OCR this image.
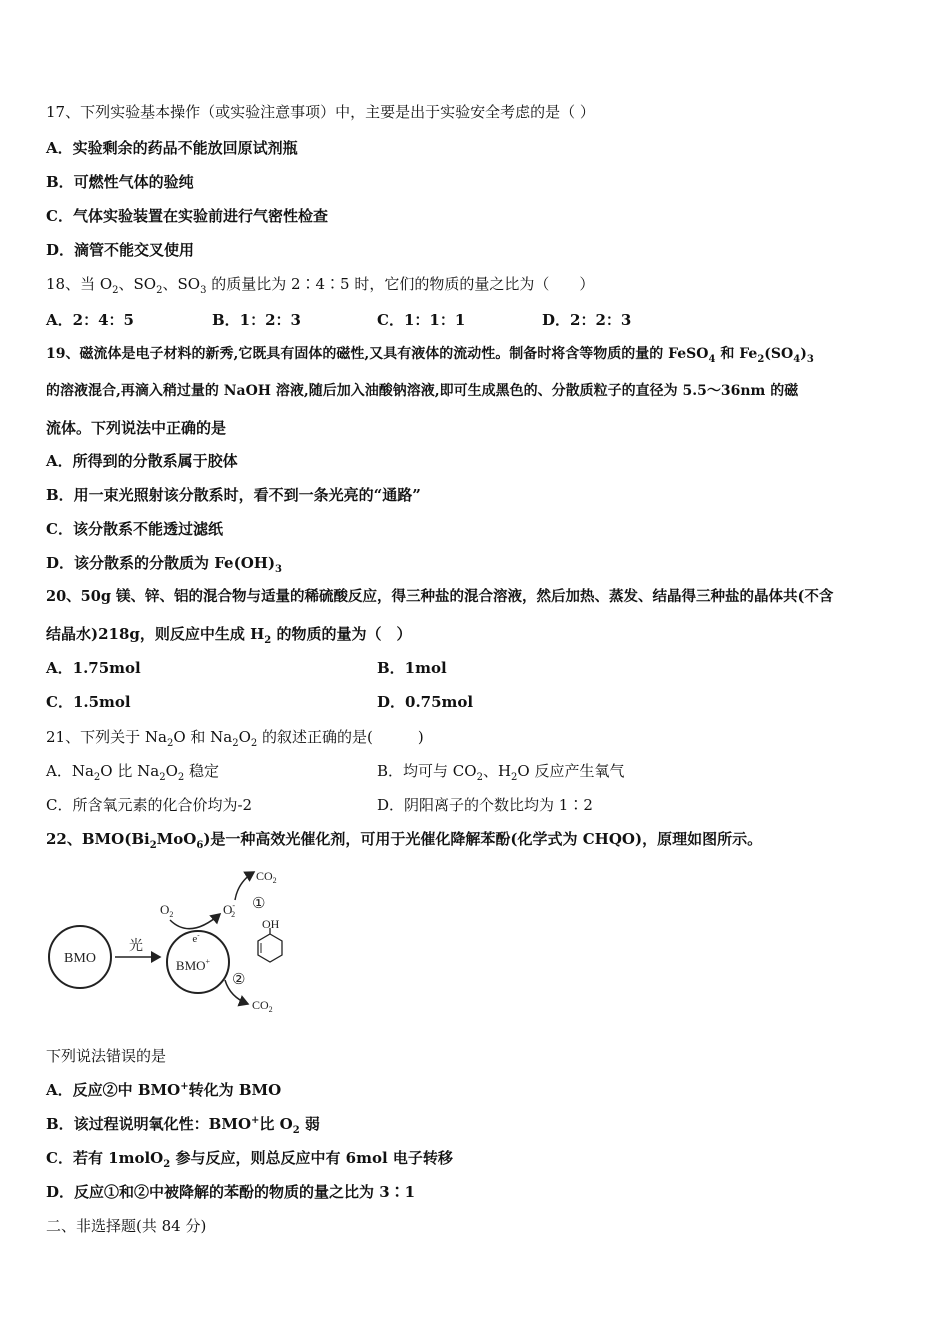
17、下列实验基本操作（或实验注意事项）中，主要是出于实验安全考虑的是（ ）
A．实验剩余的药品不能放回原试剂瓶
B．可燃性气体的验纯
C．气体实验装置在实验前进行气密性检查
D．滴管不能交叉使用
18、当 $O_2$、$SO_2$、$SO_3$ 的质量比为 2∶4∶5 时，它们的物质的量之比为（　　）
A．2：4：5	B．1：2：3	C．1：1：1	D．2：2：3
19、磁流体是电子材料的新秀,它既具有固体的磁性,又具有液体的流动性。制备时将含等物质的量的 FeSO$_4$ 和 $Fe_2(SO_4)_3$
的溶液混合,再滴入稍过量的 NaOH 溶液,随后加入油酸钠溶液,即可生成黑色的、分散质粒子的直径为 5.5～36nm 的磁
流体。下列说法中正确的是
A．所得到的分散系属于胶体
B．用一束光照射该分散系时，看不到一条光亮的“通路”
C．该分散系不能透过滤纸
D．该分散系的分散质为 $Fe(OH)_3$
20、50g 镁、锌、铝的混合物与适量的稀硫酸反应，得三种盐的混合溶液，然后加热、蒸发、结晶得三种盐的晶体共(不含
结晶水)218g，则反应中生成 $H_2$ 的物质的量为（　）
A．1.75mol	B．1mol
C．1.5mol	D．0.75mol
21、下列关于 $Na_2O$ 和 $Na_2O_2$ 的叙述正确的是(　　　)
A．$Na_2O$ 比 $Na_2O_2$ 稳定	B．均可与 $CO_2$、$H_2O$ 反应产生氧气
C．所含氧元素的化合价均为-2	D．阴阳离子的个数比均为 1∶2
22、$BMO(Bi_2MoO_6)$是一种高效光催化剂，可用于光催化降解苯酚(化学式为 CHQO)，原理如图所示。
BMO
光
BMO+
e-
$O_2$	O-2
①
$CO_2$
OH
②
$CO_2$
下列说法错误的是
A．反应②中 BMO+转化为 BMO
B．该过程说明氧化性：BMO+比 $O_2$ 弱
C．若有 1molO$_2$ 参与反应，则总反应中有 6mol 电子转移
D．反应①和②中被降解的苯酚的物质的量之比为 3∶1
二、非选择题(共 84 分)
